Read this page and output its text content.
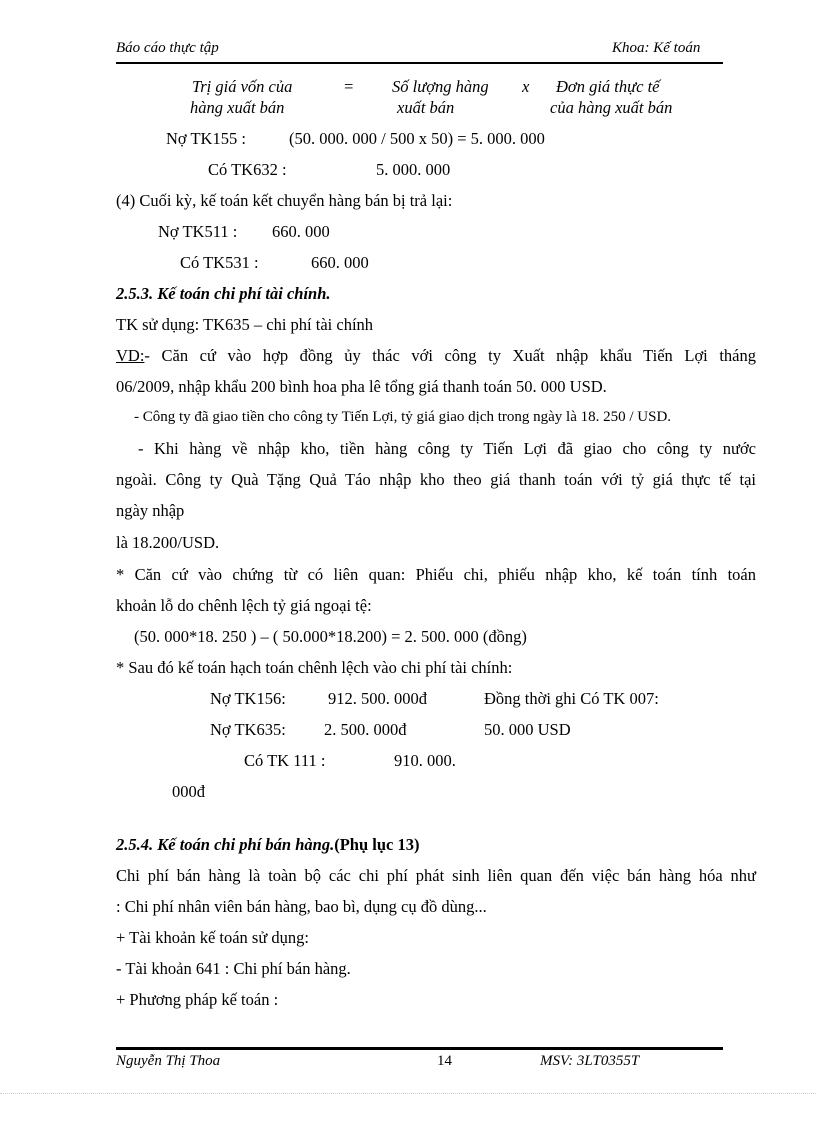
Báo cáo thực tập	Khoa: Kế toán
Trị giá vốn của
hàng xuất bán
= Số lượng hàng
xuất bán
x Đơn giá thực tế
của hàng xuất bán
Nợ TK155 :	(50. 000. 000 / 500 x 50) = 5. 000. 000
Có TK632 :	5. 000. 000
(4) Cuối kỳ, kế toán kết chuyển hàng bán bị trả lại:
Nợ TK511 : 660. 000
Có TK531 :	660. 000
2.5.3. Kế toán chi phí tài chính.
TK sử dụng: TK635 – chi phí tài chính
VD:- Căn cứ vào hợp đồng ủy thác với công ty Xuất nhập khẩu Tiến Lợi tháng
06/2009, nhập khẩu 200 bình hoa pha lê tổng giá thanh toán 50. 000 USD.
- Công ty đã giao tiền cho công ty Tiến Lợi, tỷ giá giao dịch trong ngày là 18. 250 / USD.
- Khi hàng về nhập kho, tiền hàng công ty Tiến Lợi đã giao cho công ty nước
ngoài. Công ty Quà Tặng Quả Táo nhập kho theo giá thanh toán với tỷ giá thực tế tại
ngày nhập
là 18.200/USD.
* Căn cứ vào chứng từ có liên quan: Phiếu chi, phiếu nhập kho, kế toán tính toán
khoản lỗ do chênh lệch tỷ giá ngoại tệ:
(50. 000*18. 250 ) – ( 50.000*18.200) = 2. 500. 000 (đồng)
* Sau đó kế toán hạch toán chênh lệch vào chi phí tài chính:
Nợ TK156:	912. 500. 000đ	Đồng thời ghi Có TK 007:
Nợ TK635: 2. 500. 000đ	50. 000 USD
Có TK 111 :	910. 000.
000đ
2.5.4. Kế toán chi phí bán hàng.(Phụ lục 13)
Chi phí bán hàng là toàn bộ các chi phí phát sinh liên quan đến việc bán hàng hóa như
: Chi phí nhân viên bán hàng, bao bì, dụng cụ đồ dùng...
+ Tài khoản kế toán sử dụng:
- Tài khoản 641 : Chi phí bán hàng.
+ Phương pháp kế toán :
Nguyễn Thị Thoa	14	MSV: 3LT0355T
